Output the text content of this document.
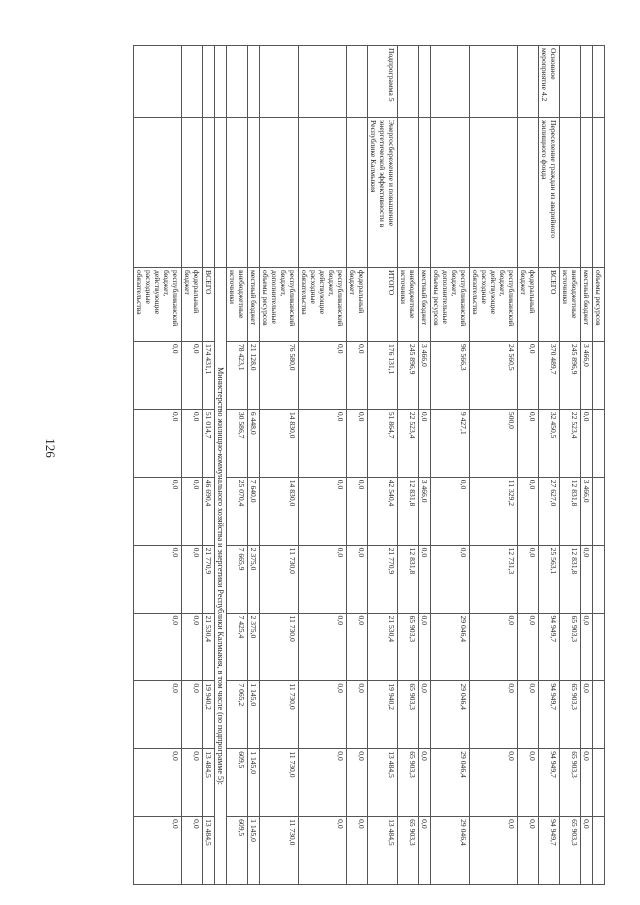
126
		объемы ресурсов								
		местный бюджет	3 466,0	0,0	3 466,0	0,0	0,0	0,0	0,0	0,0
		внебюджетные источники	245 896,9	22 523,4	12 831,8	12 831,8	65 903,3	65 903,3	65 903,3	65 903,3
Основное мероприятие 4.2	Переселение граждан из аварийного жилищного фонда	ВСЕГО	370 489,7	32 450,5	27 627,0	25 563,1	94 949,7	94 949,7	94 949,7	94 949,7
		федеральный бюджет	0,0	0,0	0,0	0,0	0,0	0,0	0,0	0,0
		республиканский бюджет, действующие расходные обязательства	24 560,5	500,0	11 329,2	12 731,3	0,0	0,0	0,0	0,0
		республиканский бюджет, дополнительные объемы ресурсов	96 566,3	9 427,1	0,0	0,0	29 046,4	29 046,4	29 046,4	29 046,4
		местный бюджет	3 466,0	0,0	3 466,0	0,0	0,0	0,0	0,0	0,0
		внебюджетные источники	245 896,9	22 523,4	12 831,8	12 831,8	65 903,3	65 903,3	65 903,3	65 903,3
Подпрограмма 5	Энергосбережение и повышение энергетической эффективности в Республике Калмыкия	ИТОГО	176 131,1	51 864,7	42 540,4	21 770,9	21 530,4	19 940,2	13 484,5	13 484,5
		федеральный бюджет	0,0	0,0	0,0	0,0	0,0	0,0	0,0	0,0
		республиканский бюджет, действующие расходные обязательства	0,0	0,0	0,0	0,0	0,0	0,0	0,0	0,0
		республиканский бюджет, дополнительные объемы ресурсов	76 580,0	14 830,0	14 830,0	11 730,0	11 730,0	11 730,0	11 730,0	11 730,0
		местный бюджет	21 128,0	6 448,0	7 640,0	2 375,0	2 375,0	1 145,0	1 145,0	1 145,0
		внебюджетные источники	78 423,1	30 586,7	25 070,4	7 665,9	7 425,4	7 065,2	609,5	609,5
		Министерство жилищно-коммунального хозяйства и энергетики Республики Калмыкия, в том числе (по подпрограмме 5):								
		ВСЕГО	174 431,1	51 014,7	46 690,4	21 770,9	21 530,4	19 940,2	13 484,5	13 484,5
		федеральный бюджет	0,0	0,0	0,0	0,0	0,0	0,0	0,0	0,0
		республиканский бюджет, действующие расходные обязательства	0,0	0,0	0,0	0,0	0,0	0,0	0,0	0,0
